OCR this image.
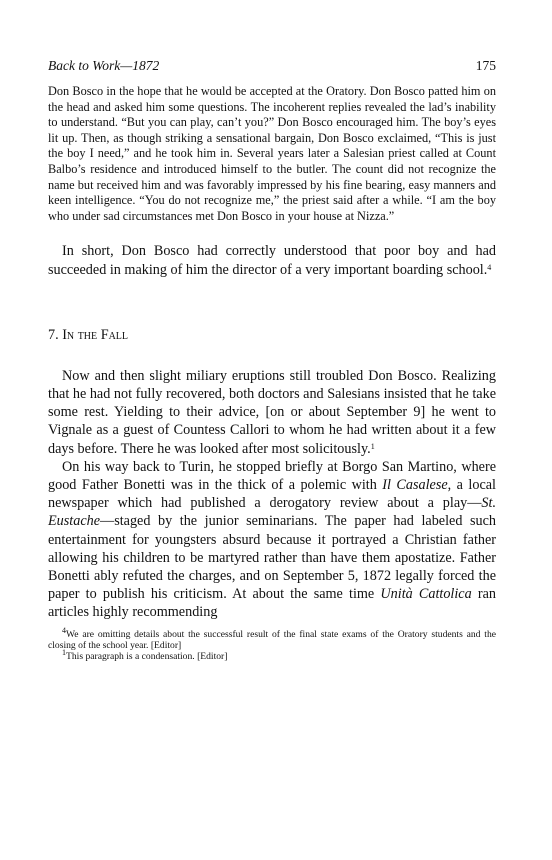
Back to Work—1872	175

Don Bosco in the hope that he would be accepted at the Oratory. Don Bosco patted him on the head and asked him some questions. The incoherent replies revealed the lad’s inability to understand. “But you can play, can’t you?” Don Bosco encouraged him. The boy’s eyes lit up. Then, as though striking a sensational bargain, Don Bosco exclaimed, “This is just the boy I need,” and he took him in. Several years later a Salesian priest called at Count Balbo’s residence and introduced himself to the butler. The count did not recognize the name but received him and was favorably impressed by his fine bearing, easy manners and keen intelligence. “You do not recognize me,” the priest said after a while. “I am the boy who under sad circumstances met Don Bosco in your house at Nizza.”

In short, Don Bosco had correctly understood that poor boy and had succeeded in making of him the director of a very important boarding school.$^4$

7. In the Fall

Now and then slight miliary eruptions still troubled Don Bosco. Realizing that he had not fully recovered, both doctors and Salesians insisted that he take some rest. Yielding to their advice, [on or about September 9] he went to Vignale as a guest of Countess Callori to whom he had written about it a few days before. There he was looked after most solicitously.$^1$

On his way back to Turin, he stopped briefly at Borgo San Martino, where good Father Bonetti was in the thick of a polemic with Il Casalese, a local newspaper which had published a derogatory review about a play—St. Eustache—staged by the junior seminarians. The paper had labeled such entertainment for youngsters absurd because it portrayed a Christian father allowing his children to be martyred rather than have them apostatize. Father Bonetti ably refuted the charges, and on September 5, 1872 legally forced the paper to publish his criticism. At about the same time Unità Cattolica ran articles highly recommending

$^4$We are omitting details about the successful result of the final state exams of the Oratory students and the closing of the school year. [Editor]

$^1$This paragraph is a condensation. [Editor]
